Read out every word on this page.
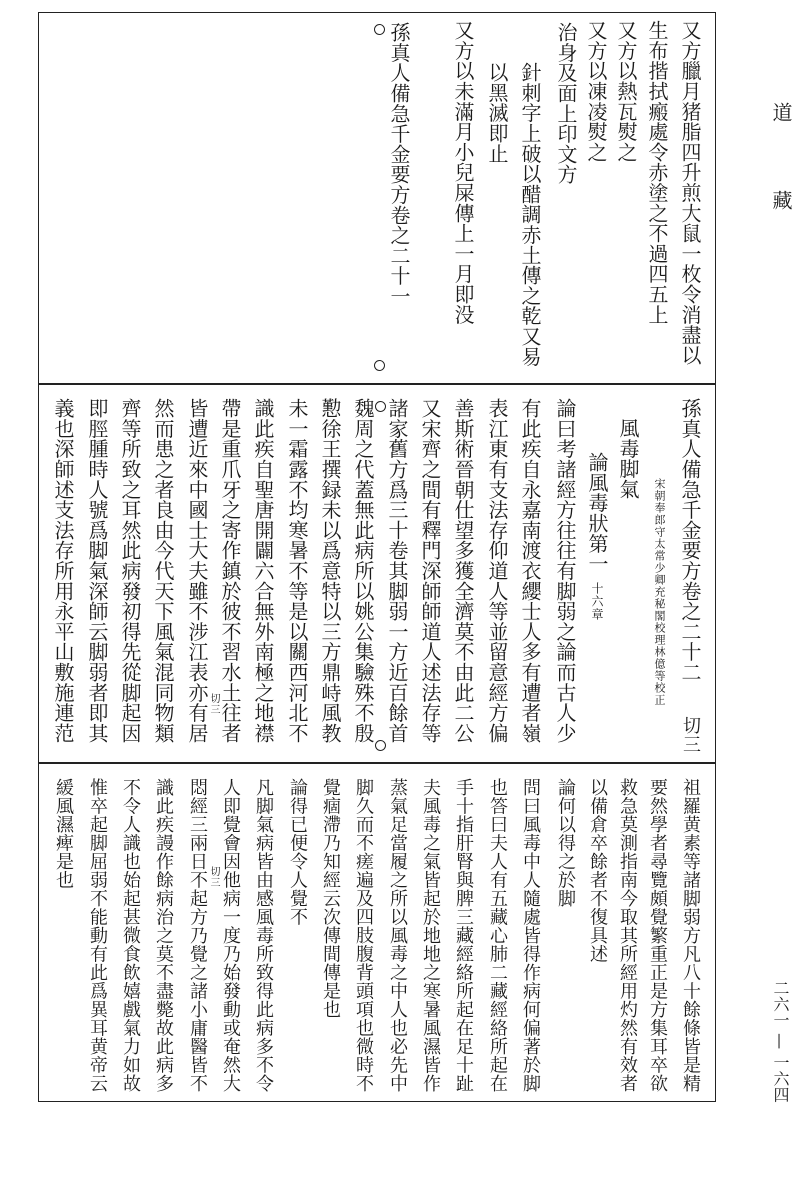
道
藏
二六一 — 一六四
又方臘月猪脂四升煎大鼠一枚令消盡以
生布揩拭瘢處令赤塗之不過四五上
又方以熱瓦熨之
又方以凍凌熨之
治身及面上印文方
針刺字上破以醋調赤土傳之乾又易
以黑滅即止
又方以未滿月小兒屎傳上一月即没
孫真人備急千金要方卷之二十一
孫真人備急千金要方卷之二十二
切三
宋朝奉郎守太常少卿充秘閣校理林億等校正
風毒脚氣
論風毒狀第一
十六章
論曰考諸經方往往有脚弱之論而古人少
有此疾自永嘉南渡衣纓士人多有遭者嶺
表江東有支法存仰道人等並留意經方偏
善斯術晉朝仕望多獲全濟莫不由此二公
又宋齊之間有釋門深師師道人述法存等
諸家舊方爲三十卷其脚弱一方近百餘首
魏周之代蓋無此病所以姚公集驗殊不殷
懃徐王撰録未以爲意特以三方鼎峙風教
未一霜露不均寒暑不等是以關西河北不
識此疾自聖唐開闢六合無外南極之地襟
帶是重爪牙之寄作鎮於彼不習水土往者
皆遭近來中國士大夫雖不涉江表亦有居
然而患之者良由今代天下風氣混同物類
齊等所致之耳然此病發初得先從脚起因
即脛腫時人號爲脚氣深師云脚弱者即其
義也深師述支法存所用永平山敷施連范	切三
祖羅黄素等諸脚弱方凡八十餘條皆是精
要然學者尋覽頗覺繁重正是方集耳卒欲
救急莫測指南今取其所經用灼然有效者
以備倉卒餘者不復具述
論何以得之於脚
問曰風毒中人隨處皆得作病何偏著於脚
也答曰夫人有五藏心肺二藏經絡所起在
手十指肝腎與脾三藏經絡所起在足十趾
夫風毒之氣皆起於地地之寒暑風濕皆作
蒸氣足當履之所以風毒之中人也必先中
脚久而不瘥遍及四肢腹背頭項也微時不
覺痼滯乃知經云次傳間傳是也
論得已便令人覺不
凡脚氣病皆由感風毒所致得此病多不令
人即覺會因他病一度乃始發動或奄然大
悶經三兩日不起方乃覺之諸小庸醫皆不
識此疾謾作餘病治之莫不盡斃故此病多
不令人識也始起甚微食飲嬉戲氣力如故
惟卒起脚屈弱不能動有此爲異耳黄帝云
緩風濕痺是也	切三
